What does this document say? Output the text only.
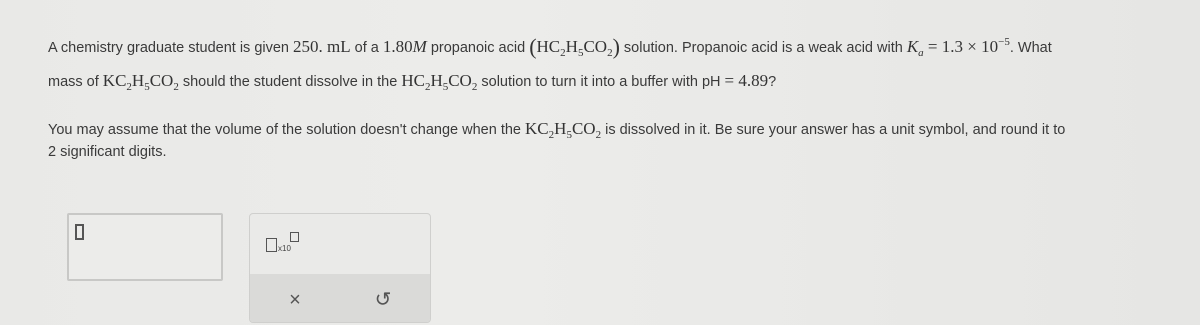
A chemistry graduate student is given 250. mL of a 1.80M propanoic acid $(HC_2H_5CO_2)$ solution. Propanoic acid is a weak acid with $K_a = 1.3 \times 10^{-5}$. What
mass of $KC_2H_5CO_2$ should the student dissolve in the $HC_2H_5CO_2$ solution to turn it into a buffer with pH = 4.89?
You may assume that the volume of the solution doesn't change when the $KC_2H_5CO_2$ is dissolved in it. Be sure your answer has a unit symbol, and round it to
2 significant digits.
x10
×	↺
